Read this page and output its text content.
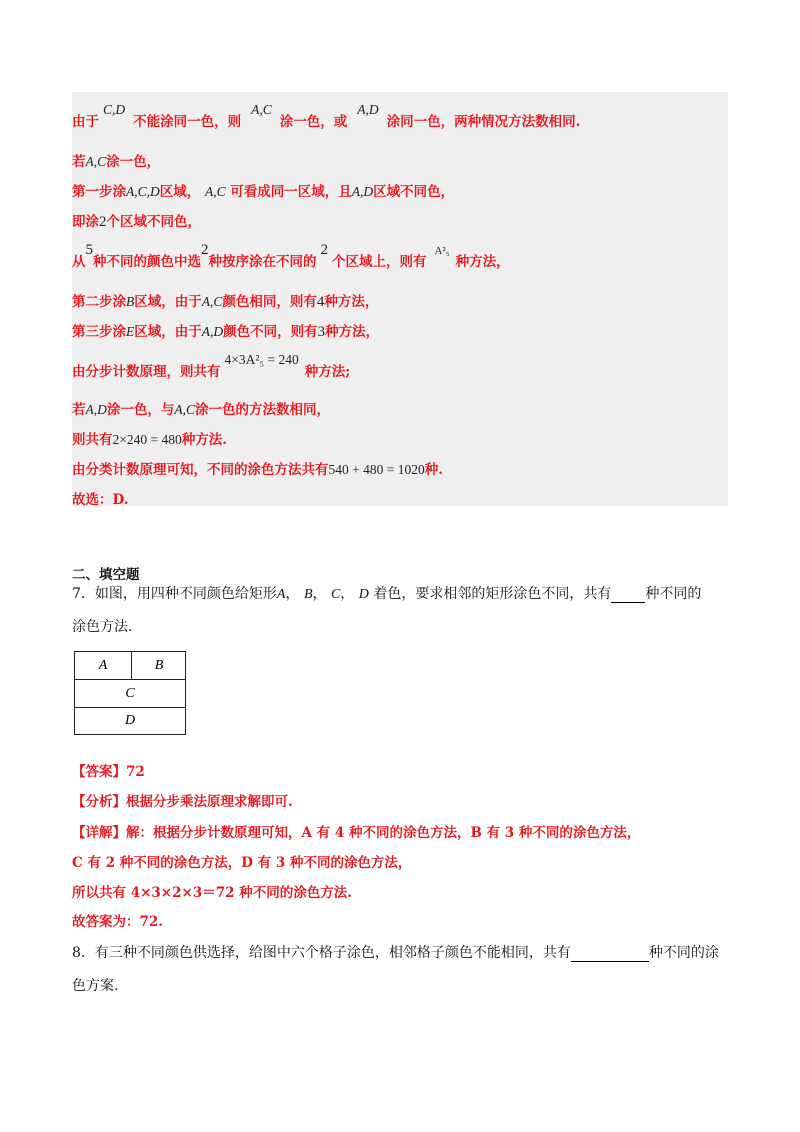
由于C,D不能涂同一色，则A,C涂一色，或A,D涂同一色，两种情况方法数相同.
若A,C涂一色，
第一步涂A,C,D区域， A,C 可看成同一区域，且A,D区域不同色，
即涂2个区域不同色，
从5种不同的颜色中选2种按序涂在不同的2个区域上，则有$^{A^2_5}$种方法，
第二步涂B区域，由于A,C颜色相同，则有4种方法，
第三步涂E区域，由于A,D颜色不同，则有3种方法，
由分步计数原理，则共有4×3A²₅ = 240种方法;
若A,D涂一色，与A,C涂一色的方法数相同，
则共有2×240 = 480种方法.
由分类计数原理可知，不同的涂色方法共有540 + 480 = 1020种.
故选：D.
二、填空题
7．如图，用四种不同颜色给矩形A， B， C， D 着色，要求相邻的矩形涂色不同，共有 种不同的
涂色方法．
A	B
C
D
【答案】72
【分析】根据分步乘法原理求解即可.
【详解】解：根据分步计数原理可知，A 有 4 种不同的涂色方法，B 有 3 种不同的涂色方法，
C 有 2 种不同的涂色方法，D 有 3 种不同的涂色方法，
所以共有 4×3×2×3＝72 种不同的涂色方法.
故答案为：72.
8．有三种不同颜色供选择，给图中六个格子涂色，相邻格子颜色不能相同，共有	种不同的涂
色方案.
